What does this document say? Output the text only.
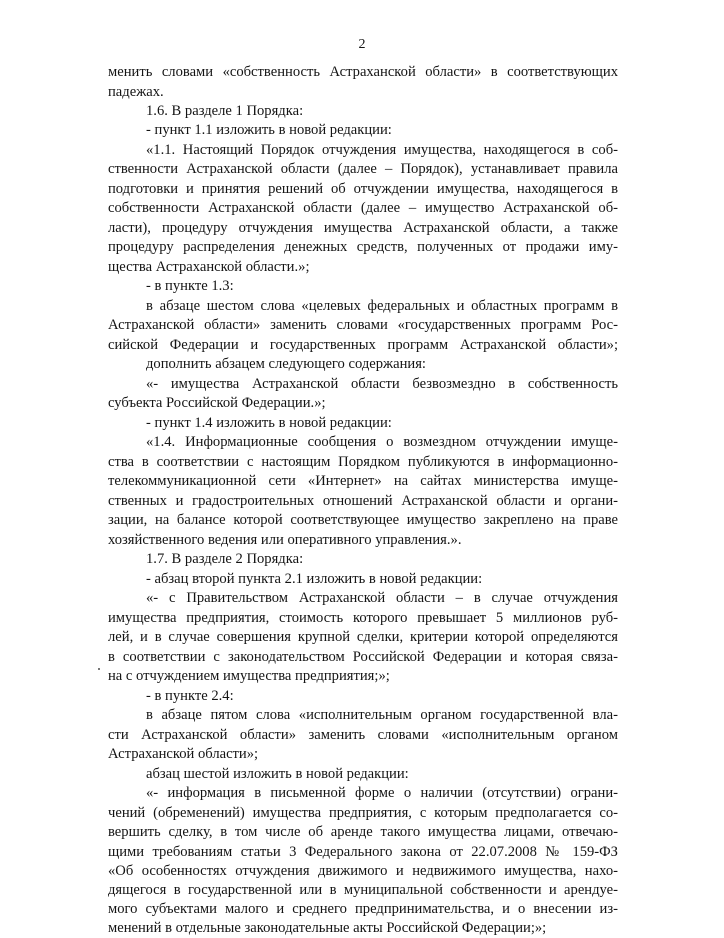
2
менить словами «собственность Астраханской области» в соответствующих
падежах.
1.6. В разделе 1 Порядка:
- пункт 1.1 изложить в новой редакции:
«1.1. Настоящий Порядок отчуждения имущества, находящегося в соб-
ственности Астраханской области (далее – Порядок), устанавливает правила
подготовки и принятия решений об отчуждении имущества, находящегося в
собственности Астраханской области (далее – имущество Астраханской об-
ласти), процедуру отчуждения имущества Астраханской области, а также
процедуру распределения денежных средств, полученных от продажи иму-
щества Астраханской области.»;
- в пункте 1.3:
в абзаце шестом слова «целевых федеральных и областных программ в
Астраханской области» заменить словами «государственных программ Рос-
сийской Федерации и государственных программ Астраханской области»;
дополнить абзацем следующего содержания:
«- имущества Астраханской области безвозмездно в собственность
субъекта Российской Федерации.»;
- пункт 1.4 изложить в новой редакции:
«1.4. Информационные сообщения о возмездном отчуждении имуще-
ства в соответствии с настоящим Порядком публикуются в информационно-
телекоммуникационной сети «Интернет» на сайтах министерства имуще-
ственных и градостроительных отношений Астраханской области и органи-
зации, на балансе которой соответствующее имущество закреплено на праве
хозяйственного ведения или оперативного управления.».
1.7. В разделе 2 Порядка:
- абзац второй пункта 2.1 изложить в новой редакции:
«- с Правительством Астраханской области – в случае отчуждения
имущества предприятия, стоимость которого превышает 5 миллионов руб-
лей, и в случае совершения крупной сделки, критерии которой определяются
в соответствии с законодательством Российской Федерации и которая связа-
на с отчуждением имущества предприятия;»;
- в пункте 2.4:
в абзаце пятом слова «исполнительным органом государственной вла-
сти Астраханской области» заменить словами «исполнительным органом
Астраханской области»;
абзац шестой изложить в новой редакции:
«- информация в письменной форме о наличии (отсутствии) ограни-
чений (обременений) имущества предприятия, с которым предполагается со-
вершить сделку, в том числе об аренде такого имущества лицами, отвечаю-
щими требованиям статьи 3 Федерального закона от 22.07.2008 № 159-ФЗ
«Об особенностях отчуждения движимого и недвижимого имущества, нахо-
дящегося в государственной или в муниципальной собственности и арендуе-
мого субъектами малого и среднего предпринимательства, и о внесении из-
менений в отдельные законодательные акты Российской Федерации;»;
